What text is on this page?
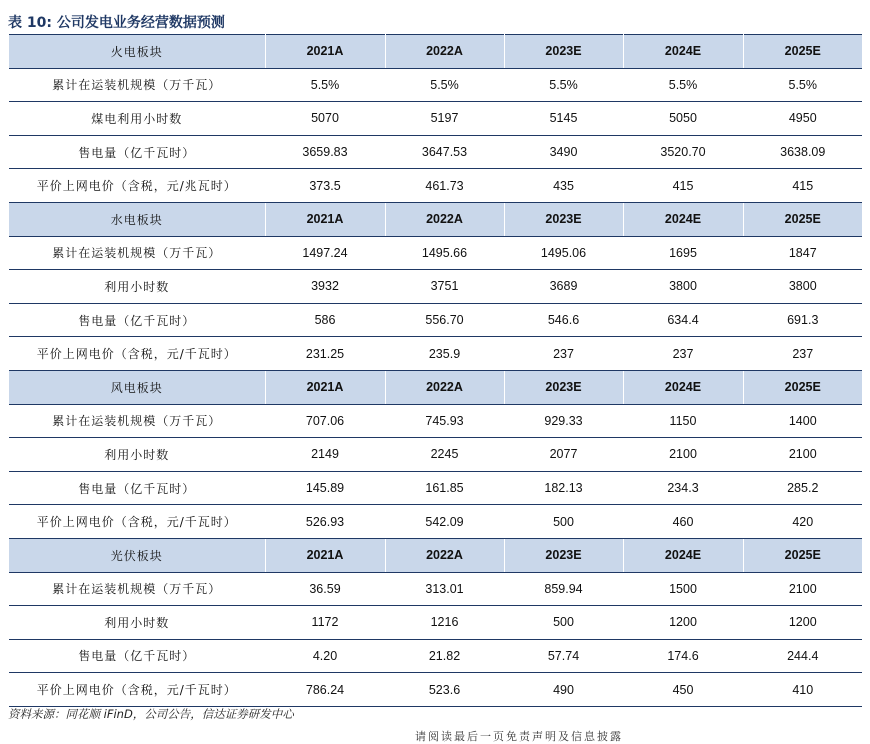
表 10: 公司发电业务经营数据预测
火电板块	2021A	2022A	2023E	2024E	2025E
累计在运装机规模（万千瓦）	5.5%	5.5%	5.5%	5.5%	5.5%
煤电利用小时数	5070	5197	5145	5050	4950
售电量（亿千瓦时）	3659.83	3647.53	3490	3520.70	3638.09
平价上网电价（含税，元/兆瓦时）	373.5	461.73	435	415	415
水电板块	2021A	2022A	2023E	2024E	2025E
累计在运装机规模（万千瓦）	1497.24	1495.66	1495.06	1695	1847
利用小时数	3932	3751	3689	3800	3800
售电量（亿千瓦时）	586	556.70	546.6	634.4	691.3
平价上网电价（含税，元/千瓦时）	231.25	235.9	237	237	237
风电板块	2021A	2022A	2023E	2024E	2025E
累计在运装机规模（万千瓦）	707.06	745.93	929.33	1150	1400
利用小时数	2149	2245	2077	2100	2100
售电量（亿千瓦时）	145.89	161.85	182.13	234.3	285.2
平价上网电价（含税，元/千瓦时）	526.93	542.09	500	460	420
光伏板块	2021A	2022A	2023E	2024E	2025E
累计在运装机规模（万千瓦）	36.59	313.01	859.94	1500	2100
利用小时数	1172	1216	500	1200	1200
售电量（亿千瓦时）	4.20	21.82	57.74	174.6	244.4
平价上网电价（含税，元/千瓦时）	786.24	523.6	490	450	410
资料来源：同花顺 iFinD，公司公告，信达证券研发中心
请阅读最后一页免责声明及信息披露
